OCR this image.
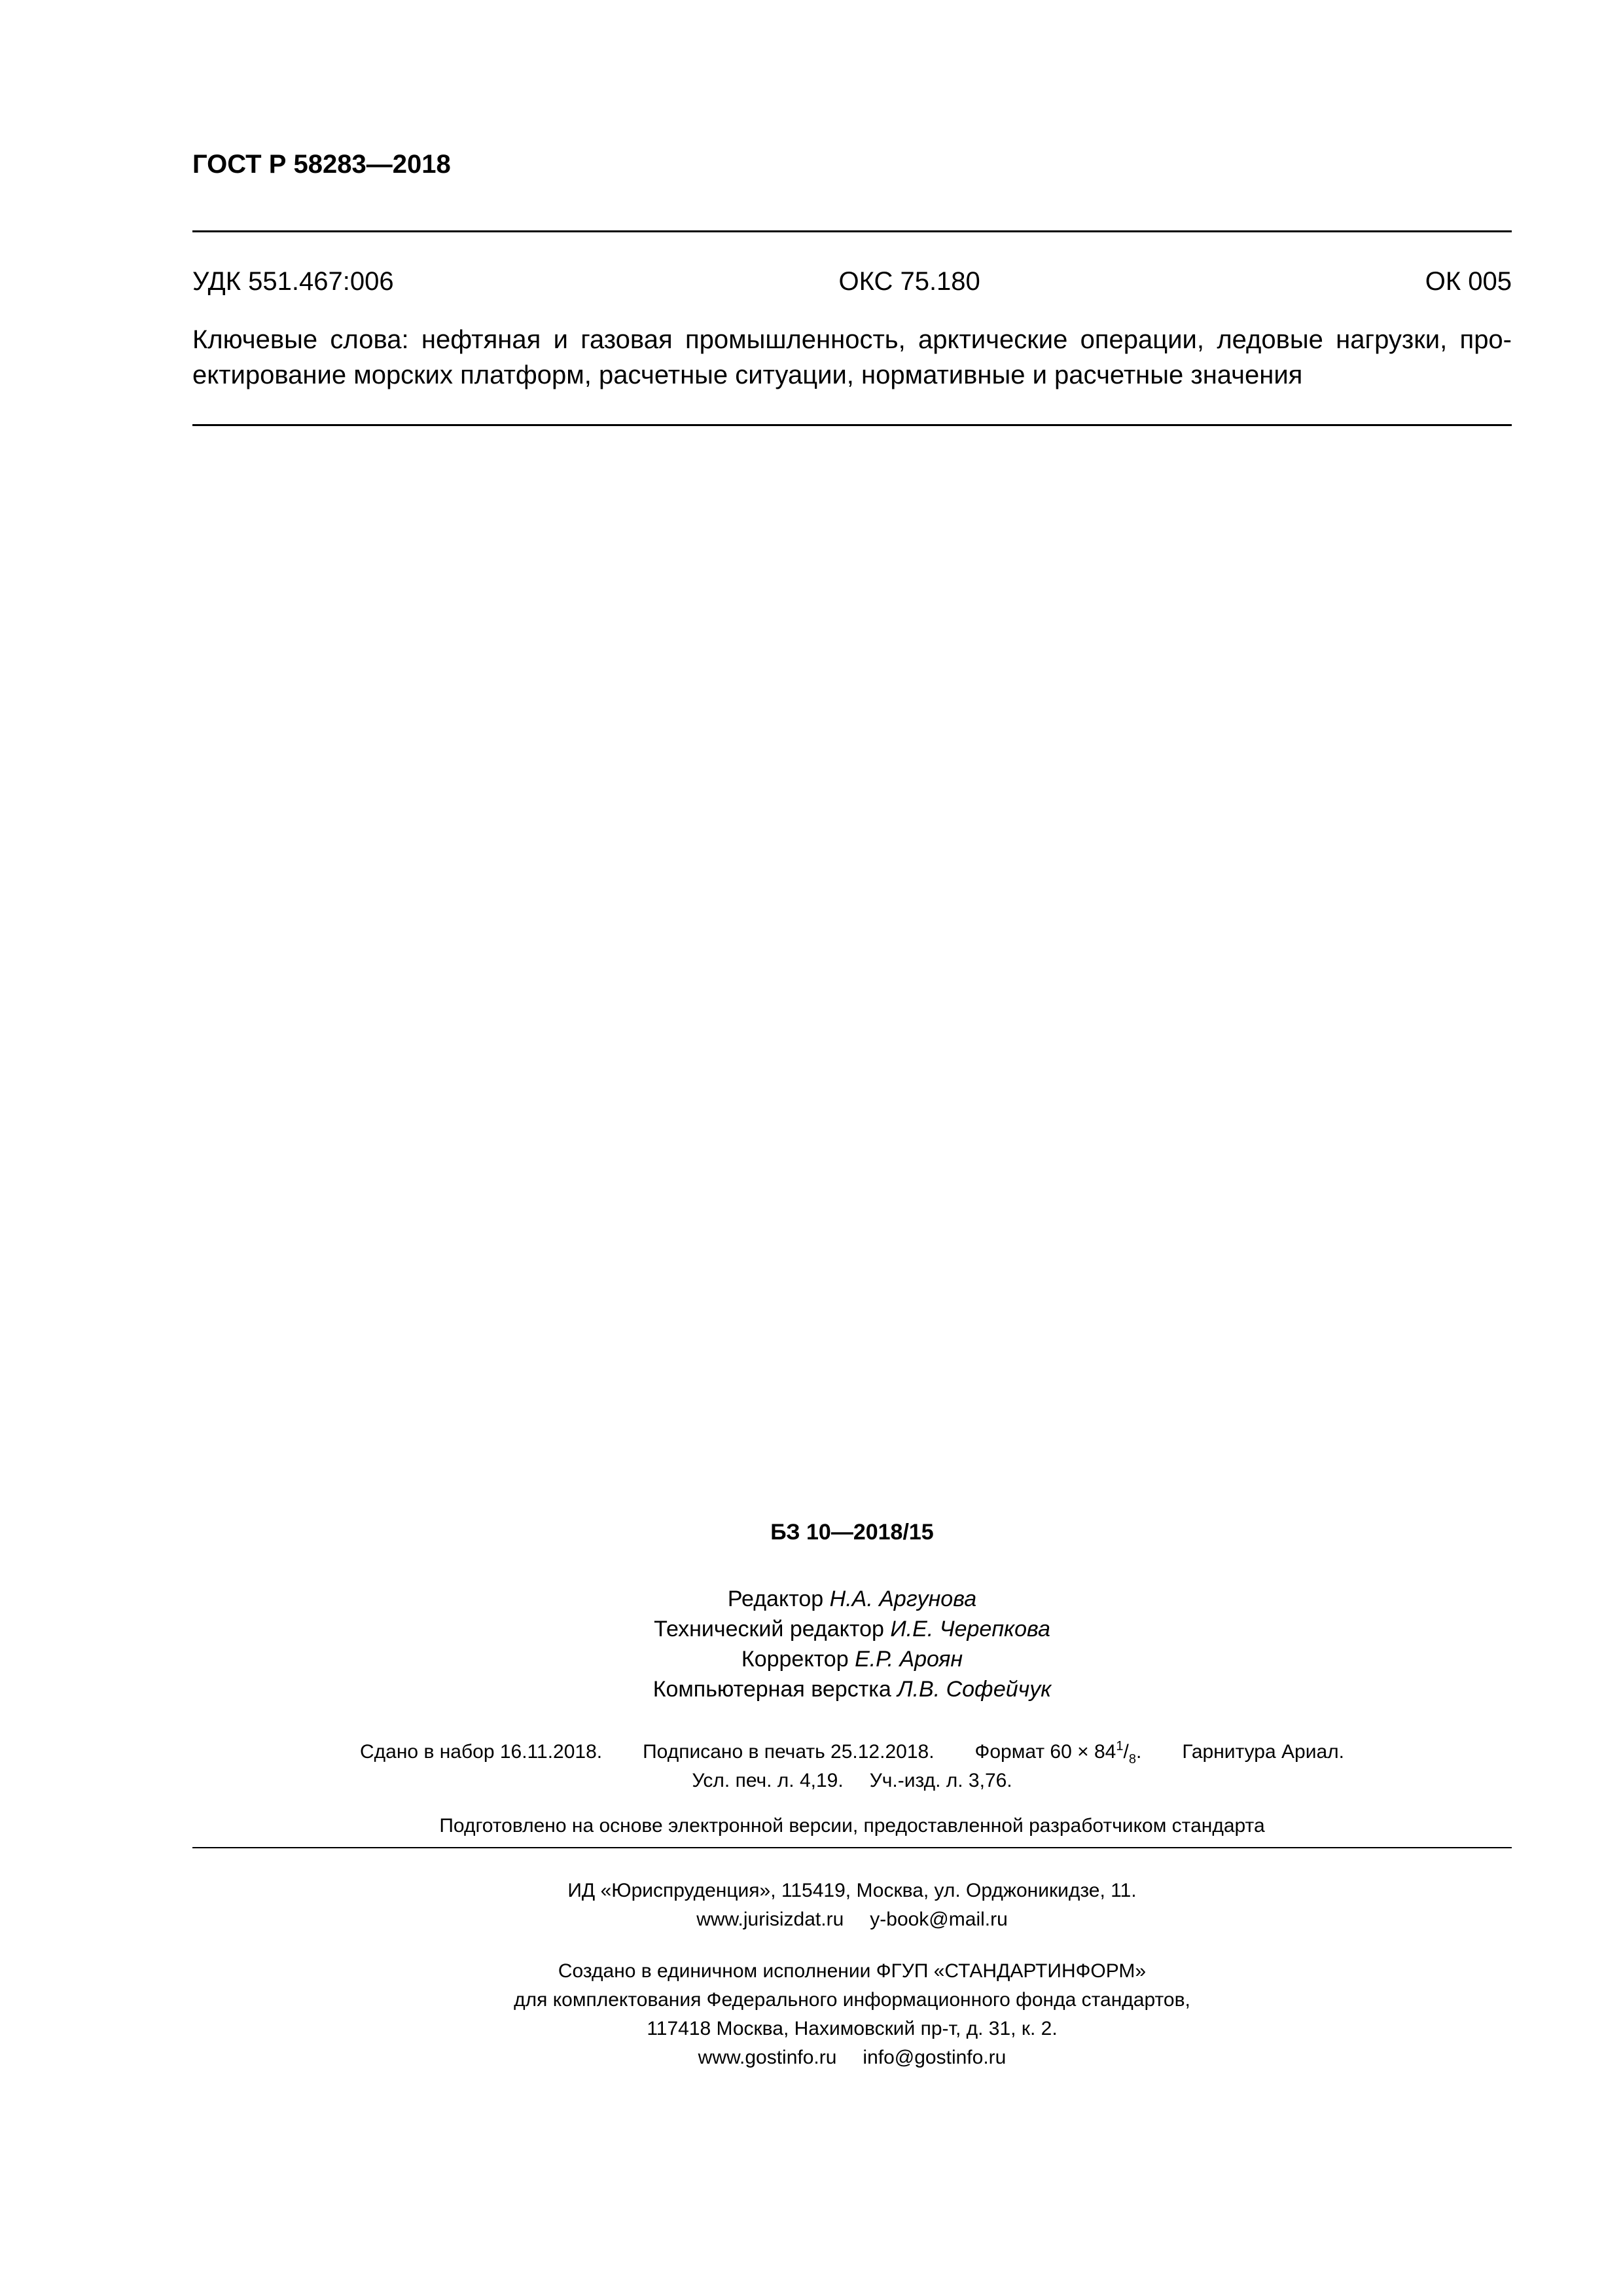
ГОСТ Р 58283—2018
УДК 551.467:006	ОКС 75.180	ОК 005
Ключевые слова: нефтяная и газовая промышленность, арктические операции, ледовые нагрузки, про-
ектирование морских платформ, расчетные ситуации, нормативные и расчетные значения
БЗ 10—2018/15
Редактор Н.А. Аргунова
Технический редактор И.Е. Черепкова
Корректор Е.Р. Ароян
Компьютерная верстка Л.В. Софейчук
Сдано в набор 16.11.2018. Подписано в печать 25.12.2018. Формат $60 \times 84^1/_8$. Гарнитура Ариал.
Усл. печ. л. 4,19. Уч.-изд. л. 3,76.
Подготовлено на основе электронной версии, предоставленной разработчиком стандарта
ИД «Юриспруденция», 115419, Москва, ул. Орджоникидзе, 11.
www.jurisizdat.ru y-book@mail.ru
Создано в единичном исполнении ФГУП «СТАНДАРТИНФОРМ»
для комплектования Федерального информационного фонда стандартов,
117418 Москва, Нахимовский пр-т, д. 31, к. 2.
www.gostinfo.ru info@gostinfo.ru
